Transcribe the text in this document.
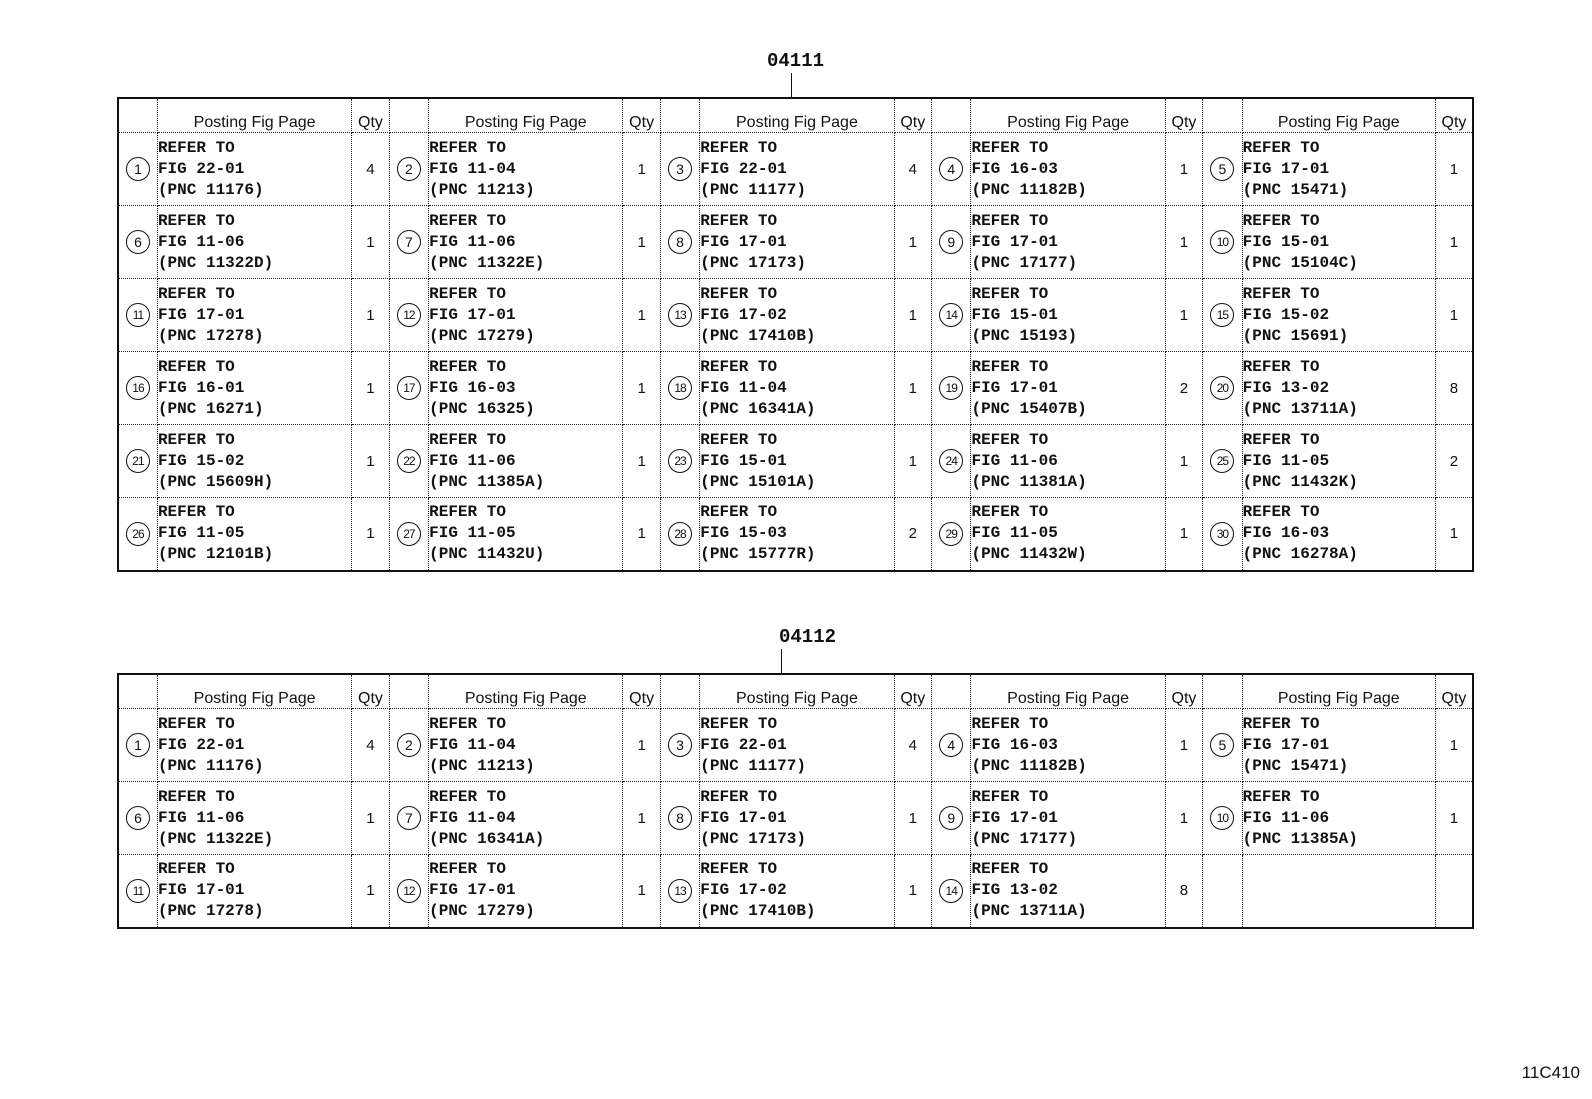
04111
	Posting Fig Page	Qty		Posting Fig Page	Qty		Posting Fig Page	Qty		Posting Fig Page	Qty		Posting Fig Page	Qty
1	REFER TO
FIG 22-01
(PNC 11176)	4	2	REFER TO
FIG 11-04
(PNC 11213)	1	3	REFER TO
FIG 22-01
(PNC 11177)	4	4	REFER TO
FIG 16-03
(PNC 11182B)	1	5	REFER TO
FIG 17-01
(PNC 15471)	1
6	REFER TO
FIG 11-06
(PNC 11322D)	1	7	REFER TO
FIG 11-06
(PNC 11322E)	1	8	REFER TO
FIG 17-01
(PNC 17173)	1	9	REFER TO
FIG 17-01
(PNC 17177)	1	10	REFER TO
FIG 15-01
(PNC 15104C)	1
11	REFER TO
FIG 17-01
(PNC 17278)	1	12	REFER TO
FIG 17-01
(PNC 17279)	1	13	REFER TO
FIG 17-02
(PNC 17410B)	1	14	REFER TO
FIG 15-01
(PNC 15193)	1	15	REFER TO
FIG 15-02
(PNC 15691)	1
16	REFER TO
FIG 16-01
(PNC 16271)	1	17	REFER TO
FIG 16-03
(PNC 16325)	1	18	REFER TO
FIG 11-04
(PNC 16341A)	1	19	REFER TO
FIG 17-01
(PNC 15407B)	2	20	REFER TO
FIG 13-02
(PNC 13711A)	8
21	REFER TO
FIG 15-02
(PNC 15609H)	1	22	REFER TO
FIG 11-06
(PNC 11385A)	1	23	REFER TO
FIG 15-01
(PNC 15101A)	1	24	REFER TO
FIG 11-06
(PNC 11381A)	1	25	REFER TO
FIG 11-05
(PNC 11432K)	2
26	REFER TO
FIG 11-05
(PNC 12101B)	1	27	REFER TO
FIG 11-05
(PNC 11432U)	1	28	REFER TO
FIG 15-03
(PNC 15777R)	2	29	REFER TO
FIG 11-05
(PNC 11432W)	1	30	REFER TO
FIG 16-03
(PNC 16278A)	1
04112
	Posting Fig Page	Qty		Posting Fig Page	Qty		Posting Fig Page	Qty		Posting Fig Page	Qty		Posting Fig Page	Qty
1	REFER TO
FIG 22-01
(PNC 11176)	4	2	REFER TO
FIG 11-04
(PNC 11213)	1	3	REFER TO
FIG 22-01
(PNC 11177)	4	4	REFER TO
FIG 16-03
(PNC 11182B)	1	5	REFER TO
FIG 17-01
(PNC 15471)	1
6	REFER TO
FIG 11-06
(PNC 11322E)	1	7	REFER TO
FIG 11-04
(PNC 16341A)	1	8	REFER TO
FIG 17-01
(PNC 17173)	1	9	REFER TO
FIG 17-01
(PNC 17177)	1	10	REFER TO
FIG 11-06
(PNC 11385A)	1
11	REFER TO
FIG 17-01
(PNC 17278)	1	12	REFER TO
FIG 17-01
(PNC 17279)	1	13	REFER TO
FIG 17-02
(PNC 17410B)	1	14	REFER TO
FIG 13-02
(PNC 13711A)	8			
11C410
